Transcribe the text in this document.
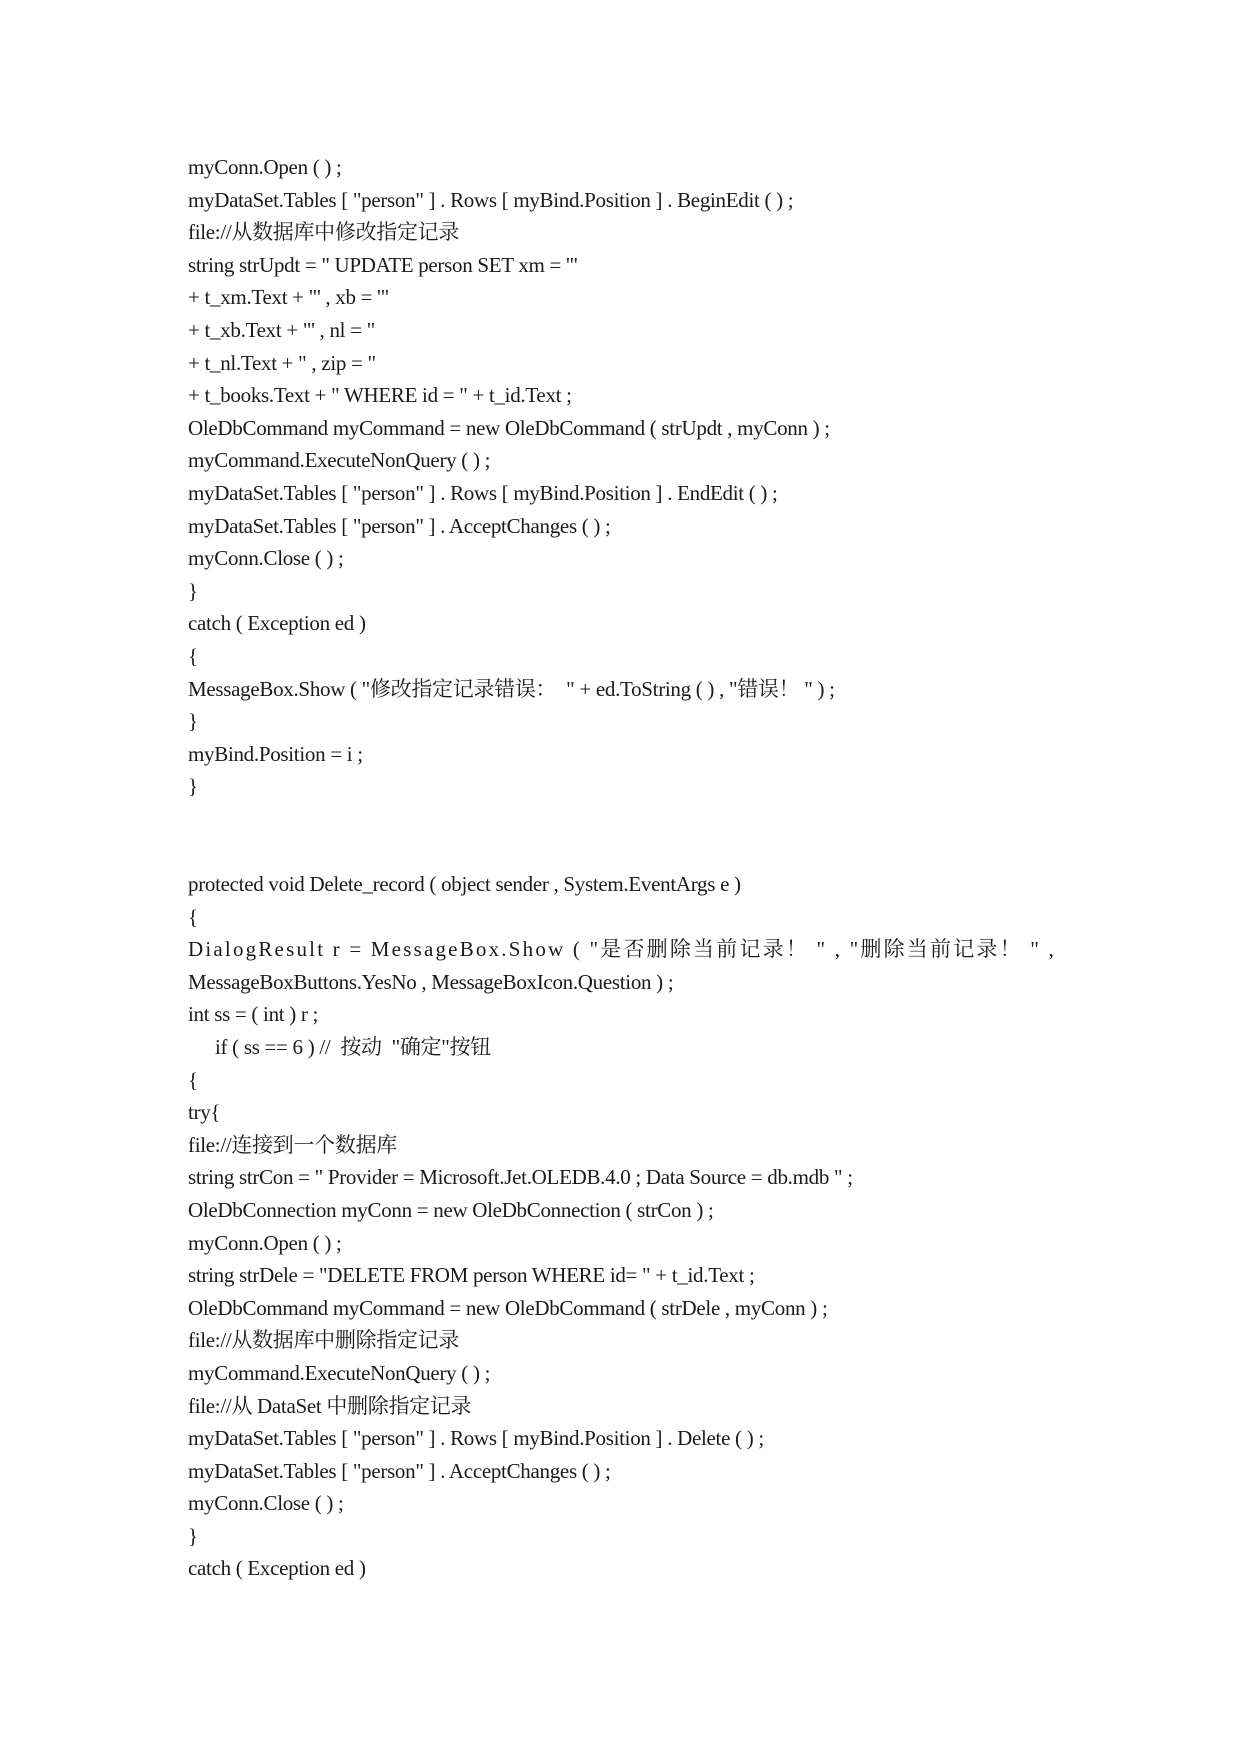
myConn.Open ( ) ;
myDataSet.Tables [ "person" ] . Rows [ myBind.Position ] . BeginEdit ( ) ;
file://从数据库中修改指定记录
string strUpdt = " UPDATE person SET xm = '"
+ t_xm.Text + "' , xb = '"
+ t_xb.Text + "' , nl = "
+ t_nl.Text + " , zip = "
+ t_books.Text + " WHERE id = " + t_id.Text ;
OleDbCommand myCommand = new OleDbCommand ( strUpdt , myConn ) ;
myCommand.ExecuteNonQuery ( ) ;
myDataSet.Tables [ "person" ] . Rows [ myBind.Position ] . EndEdit ( ) ;
myDataSet.Tables [ "person" ] . AcceptChanges ( ) ;
myConn.Close ( ) ;
}
catch ( Exception ed )
{
MessageBox.Show ( "修改指定记录错误：  " + ed.ToString ( ) , "错误！ " ) ;
}
myBind.Position = i ;
}
protected void Delete_record ( object sender , System.EventArgs e )
{
DialogResult r = MessageBox.Show ( "是否删除当前记录！ " , "删除当前记录！ " ,
MessageBoxButtons.YesNo , MessageBoxIcon.Question ) ;
int ss = ( int ) r ;
if ( ss == 6 ) //  按动  "确定"按钮
{
try{
file://连接到一个数据库
string strCon = " Provider = Microsoft.Jet.OLEDB.4.0 ; Data Source = db.mdb " ;
OleDbConnection myConn = new OleDbConnection ( strCon ) ;
myConn.Open ( ) ;
string strDele = "DELETE FROM person WHERE id= " + t_id.Text ;
OleDbCommand myCommand = new OleDbCommand ( strDele , myConn ) ;
file://从数据库中删除指定记录
myCommand.ExecuteNonQuery ( ) ;
file://从 DataSet 中删除指定记录
myDataSet.Tables [ "person" ] . Rows [ myBind.Position ] . Delete ( ) ;
myDataSet.Tables [ "person" ] . AcceptChanges ( ) ;
myConn.Close ( ) ;
}
catch ( Exception ed )
